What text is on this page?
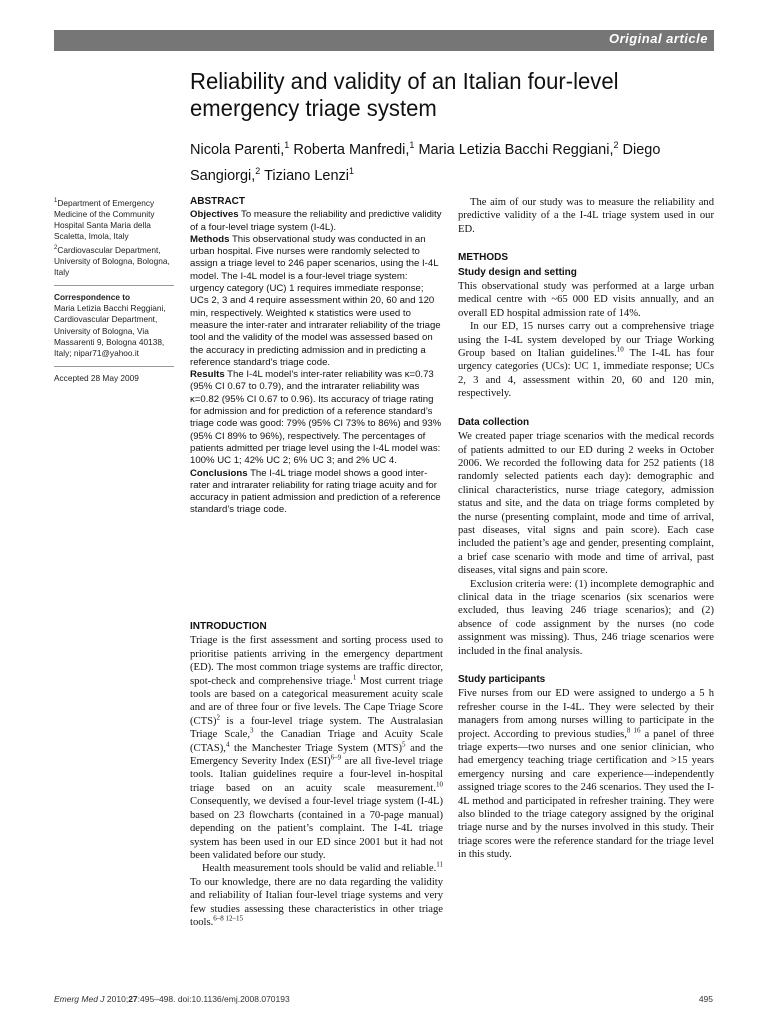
Original article
Reliability and validity of an Italian four-level emergency triage system
Nicola Parenti,$^1$ Roberta Manfredi,$^1$ Maria Letizia Bacchi Reggiani,$^2$ Diego Sangiorgi,$^2$ Tiziano Lenzi$^1$

$^1$Department of Emergency Medicine of the Community Hospital Santa Maria della Scaletta, Imola, Italy

$^2$Cardiovascular Department, University of Bologna, Bologna, Italy

Correspondence to
Maria Letizia Bacchi Reggiani, Cardiovascular Department, University of Bologna, Via Massarenti 9, Bologna 40138, Italy; nipar71@yahoo.it
Accepted 28 May 2009
ABSTRACT

Objectives To measure the reliability and predictive validity of a four-level triage system (I-4L).

Methods This observational study was conducted in an urban hospital. Five nurses were randomly selected to assign a triage level to 246 paper scenarios, using the I-4L model. The I-4L model is a four-level triage system: urgency category (UC) 1 requires immediate response; UCs 2, 3 and 4 require assessment within 20, 60 and 120 min, respectively. Weighted κ statistics were used to measure the inter-rater and intrarater reliability of the triage tool and the validity of the model was assessed based on the accuracy in predicting admission and in predicting a reference standard’s triage code.

Results The I-4L model’s inter-rater reliability was κ=0.73 (95% CI 0.67 to 0.79), and the intrarater reliability was κ=0.82 (95% CI 0.67 to 0.96). Its accuracy of triage rating for admission and for prediction of a reference standard’s triage code was good: 79% (95% CI 73% to 86%) and 93% (95% CI 89% to 96%), respectively. The percentages of patients admitted per triage level using the I-4L model was: 100% UC 1; 42% UC 2; 6% UC 3; and 2% UC 4.

Conclusions The I-4L triage model shows a good inter-rater and intrarater reliability for rating triage acuity and for accuracy in patient admission and prediction of a reference standard’s triage code.

INTRODUCTION

Triage is the first assessment and sorting process used to prioritise patients arriving in the emergency department (ED). The most common triage systems are traffic director, spot-check and comprehensive triage.$^1$ Most current triage tools are based on a categorical measurement acuity scale and are of three four or five levels. The Cape Triage Score (CTS)$^2$ is a four-level triage system. The Australasian Triage Scale,$^3$ the Canadian Triage and Acuity Scale (CTAS),$^4$ the Manchester Triage System (MTS)$^5$ and the Emergency Severity Index (ESI)$^{6-9}$ are all five-level triage tools. Italian guidelines require a four-level in-hospital triage based on an acuity scale measurement.$^{10}$ Consequently, we devised a four-level triage system (I-4L) based on 23 flowcharts (contained in a 70-page manual) depending on the patient’s complaint. The I-4L triage system has been used in our ED since 2001 but it had not been validated before our study.

Health measurement tools should be valid and reliable.$^{11}$ To our knowledge, there are no data regarding the validity and reliability of Italian four-level triage systems and very few studies assessing these characteristics in other triage tools.$^{6-8 12-15}$

The aim of our study was to measure the reliability and predictive validity of a the I-4L triage system used in our ED.

METHODS
Study design and setting

This observational study was performed at a large urban medical centre with ~65 000 ED visits annually, and an overall ED hospital admission rate of 14%.

In our ED, 15 nurses carry out a comprehensive triage using the I-4L system developed by our Triage Working Group based on Italian guidelines.$^{10}$ The I-4L has four urgency categories (UCs): UC 1, immediate response; UCs 2, 3 and 4, assessment within 20, 60 and 120 min, respectively.

Data collection

We created paper triage scenarios with the medical records of patients admitted to our ED during 2 weeks in October 2006. We recorded the following data for 252 patients (18 randomly selected patients each day): demographic and clinical characteristics, nurse triage category, admission status and site, and the data on triage forms completed by the nurse (presenting complaint, mode and time of arrival, past diseases, vital signs and pain score). Each case included the patient’s age and gender, presenting complaint, a brief case scenario with mode and time of arrival, past diseases, vital signs and pain score.

Exclusion criteria were: (1) incomplete demographic and clinical data in the triage scenarios (six scenarios were excluded, thus leaving 246 triage scenarios); and (2) absence of code assignment by the nurses (no code assignment was missing). Thus, 246 triage scenarios were included in the final analysis.

Study participants

Five nurses from our ED were assigned to undergo a 5 h refresher course in the I-4L. They were selected by their managers from among nurses willing to participate in the project. According to previous studies,$^{8 16}$ a panel of three triage experts—two nurses and one senior clinician, who had emergency teaching triage certification and >15 years emergency nursing and care experience—independently assigned triage scores to the 246 scenarios. They used the I-4L method and participated in refresher training. They were also blinded to the triage category assigned by the original triage nurse and by the nurses involved in this study. Their triage scores were the reference standard for the triage level in this study.

Emerg Med J 2010;27:495–498. doi:10.1136/emj.2008.070193	495
